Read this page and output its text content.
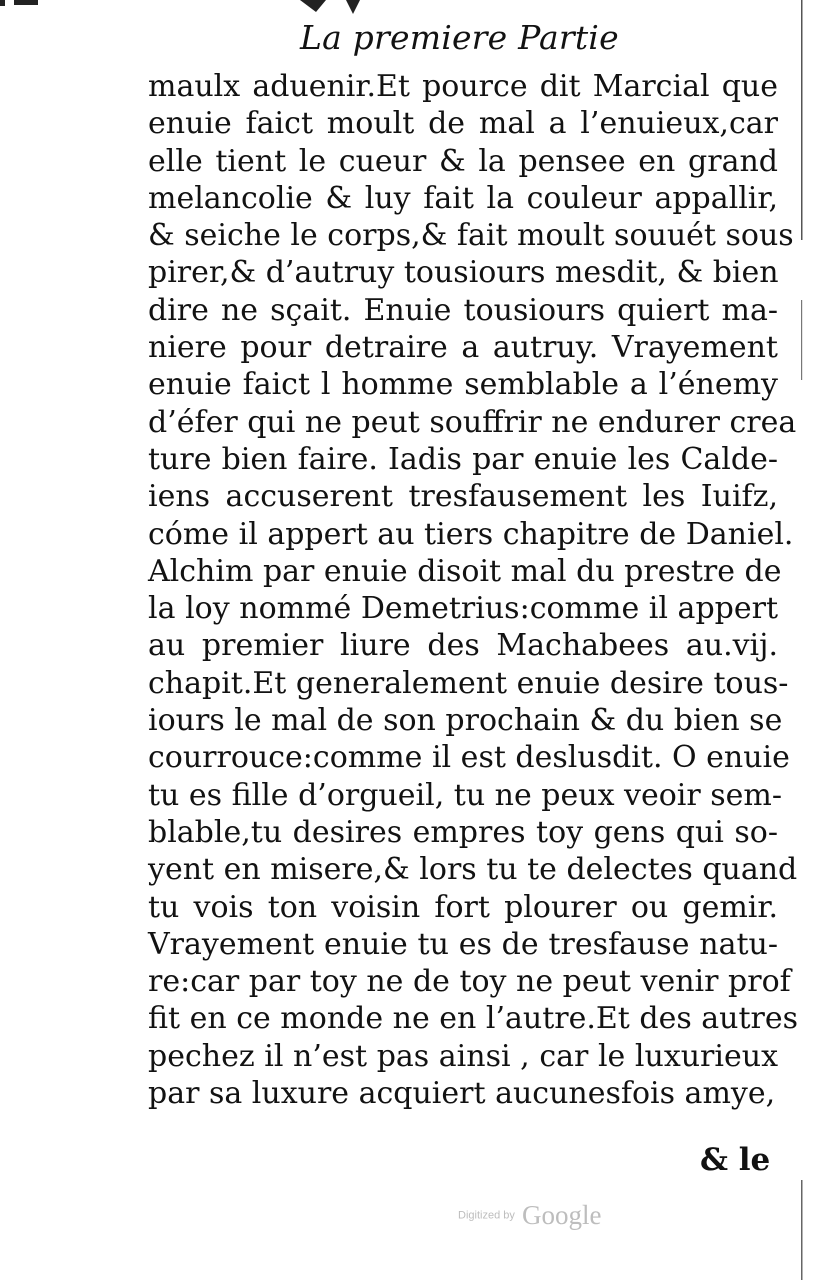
La premiere Partie
maulx aduenir.Et pource dit Marcial que
enuie faict moult de mal a l’enuieux,car
elle tient le cueur & la pensee en grand
melancolie & luy fait la couleur appallir,
& seiche le corps,& fait moult souuét sous
pirer,& d’autruy tousiours mesdit, & bien
dire ne sçait. Enuie tousiours quiert ma-
niere pour detraire a autruy. Vrayement
enuie faict l homme semblable a l’énemy
d’éfer qui ne peut souffrir ne endurer crea
ture bien faire. Iadis par enuie les Calde-
iens accuserent tresfausement les Iuifz,
cóme il appert au tiers chapitre de Daniel.
Alchim par enuie disoit mal du prestre de
la loy nommé Demetrius:comme il appert
au premier liure des Machabees au.vij.
chapit.Et generalement enuie desire tous-
iours le mal de son prochain & du bien se
courrouce:comme il est deslusdit. O enuie
tu es fille d’orgueil, tu ne peux veoir sem-
blable,tu desires empres toy gens qui so-
yent en misere,& lors tu te delectes quand
tu vois ton voisin fort plourer ou gemir.
Vrayement enuie tu es de tresfause natu-
re:car par toy ne de toy ne peut venir prof
fit en ce monde ne en l’autre.Et des autres
pechez il n’est pas ainsi , car le luxurieux
par sa luxure acquiert aucunesfois amye,
& le
Digitized by Google
